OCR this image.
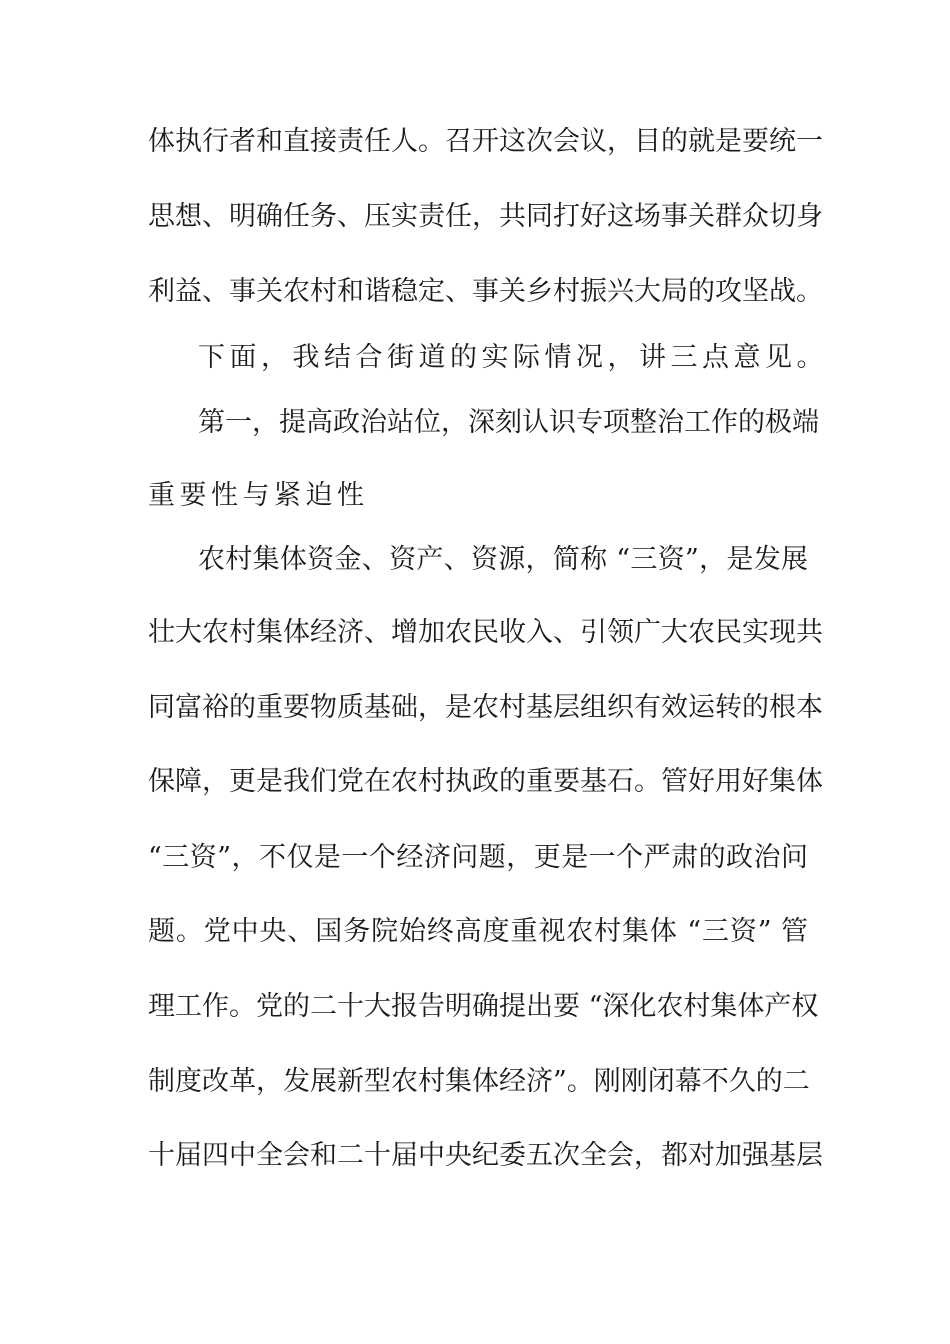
体执行者和直接责任人。召开这次会议，目的就是要统一
思想、明确任务、压实责任，共同打好这场事关群众切身
利益、事关农村和谐稳定、事关乡村振兴大局的攻坚战。
下面，我结合街道的实际情况，讲三点意见。
第一，提高政治站位，深刻认识专项整治工作的极端
重要性与紧迫性
农村集体资金、资产、资源，简称 “三资”，是发展
壮大农村集体经济、增加农民收入、引领广大农民实现共
同富裕的重要物质基础，是农村基层组织有效运转的根本
保障，更是我们党在农村执政的重要基石。管好用好集体
“三资”，不仅是一个经济问题，更是一个严肃的政治问
题。党中央、国务院始终高度重视农村集体 “三资” 管
理工作。党的二十大报告明确提出要 “深化农村集体产权
制度改革，发展新型农村集体经济”。刚刚闭幕不久的二
十届四中全会和二十届中央纪委五次全会，都对加强基层
